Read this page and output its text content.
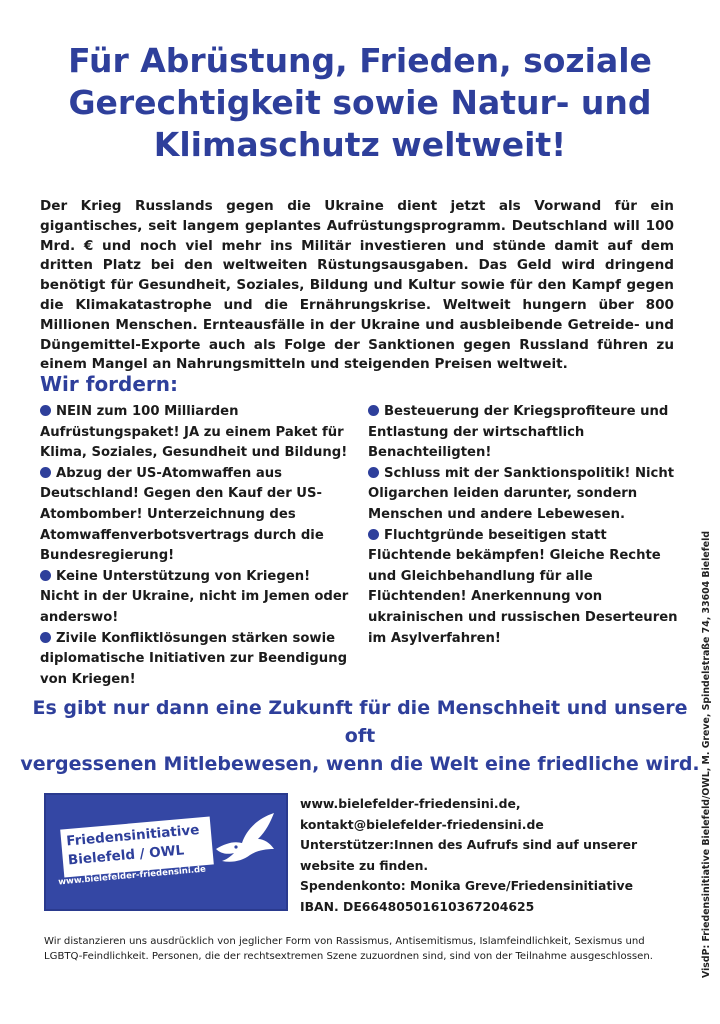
Für Abrüstung, Frieden, soziale
Gerechtigkeit sowie Natur- und
Klimaschutz weltweit!

Der Krieg Russlands gegen die Ukraine dient jetzt als Vorwand für ein gigantisches, seit langem geplantes Aufrüstungsprogramm. Deutschland will 100 Mrd. € und noch viel mehr ins Militär investieren und stünde damit auf dem dritten Platz bei den weltweiten Rüstungsausgaben. Das Geld wird dringend benötigt für Gesundheit, Soziales, Bildung und Kultur sowie für den Kampf gegen die Klimakatastrophe und die Ernährungskrise. Weltweit hungern über 800 Millionen Menschen. Ernteausfälle in der Ukraine und ausbleibende Getreide- und Düngemittel-Exporte auch als Folge der Sanktionen gegen Russland führen zu einem Mangel an Nahrungsmitteln und steigenden Preisen weltweit.

Wir fordern:

NEIN zum 100 Milliarden Aufrüstungspaket! JA zu einem Paket für Klima, Soziales, Gesundheit und Bildung!

Abzug der US-Atomwaffen aus Deutschland! Gegen den Kauf der US-Atombomber! Unterzeichnung des Atomwaffenverbotsvertrags durch die Bundesregierung!

Keine Unterstützung von Kriegen! Nicht in der Ukraine, nicht im Jemen oder anderswo!

Zivile Konfliktlösungen stärken sowie diplomatische Initiativen zur Beendigung von Kriegen!

Besteuerung der Kriegsprofiteure und Entlastung der wirtschaftlich Benachteiligten!

Schluss mit der Sanktionspolitik! Nicht Oligarchen leiden darunter, sondern Menschen und andere Lebewesen.

Fluchtgründe beseitigen statt Flüchtende bekämpfen! Gleiche Rechte und Gleichbehandlung für alle Flüchtenden! Anerkennung von ukrainischen und russischen Deserteuren im Asylverfahren!

Es gibt nur dann eine Zukunft für die Menschheit und unsere oft
vergessenen Mitlebewesen, wenn die Welt eine friedliche wird.

Friedensinitiative
Bielefeld / OWL
www.bielefelder-friedensini.de
www.bielefelder-friedensini.de,
kontakt@bielefelder-friedensini.de
Unterstützer:Innen des Aufrufs sind auf unserer
website zu finden.
Spendenkonto: Monika Greve/Friedensinitiative
IBAN. DE66480501610367204625

Wir distanzieren uns ausdrücklich von jeglicher Form von Rassismus, Antisemitismus, Islamfeindlichkeit, Sexismus und LGBTQ-Feindlichkeit. Personen, die der rechtsextremen Szene zuzuordnen sind, sind von der Teilnahme ausgeschlossen.	VisdP: Friedensinitiative Bielefeld/OWL, M. Greve, Spindelstraße 74, 33604 Bielefeld
